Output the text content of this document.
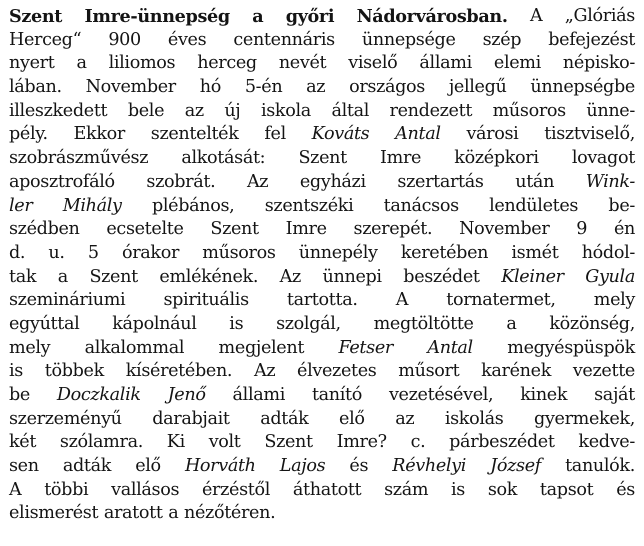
Szent Imre-ünnepség a győri Nádorvárosban. A „Glóriás
Herceg“ 900 éves centennáris ünnepsége szép befejezést
nyert a liliomos herceg nevét viselő állami elemi népisko-
lában. November hó 5-én az országos jellegű ünnepségbe
illeszkedett bele az új iskola által rendezett műsoros ünne-
pély. Ekkor szentelték fel Kováts Antal városi tisztviselő,
szobrászművész alkotását: Szent Imre középkori lovagot
aposztrofáló szobrát. Az egyházi szertartás után Wink-
ler Mihály plébános, szentszéki tanácsos lendületes be-
szédben ecsetelte Szent Imre szerepét. November 9 én
d. u. 5 órakor műsoros ünnepély keretében ismét hódol-
tak a Szent emlékének. Az ünnepi beszédet Kleiner Gyula
szemináriumi spirituális tartotta. A tornatermet, mely
egyúttal kápolnául is szolgál, megtöltötte a közönség,
mely alkalommal megjelent Fetser Antal megyéspüspök
is többek kíséretében. Az élvezetes műsort karének vezette
be Doczkalik Jenő állami tanító vezetésével, kinek saját
szerzeményű darabjait adták elő az iskolás gyermekek,
két szólamra. Ki volt Szent Imre? c. párbeszédet kedve-
sen adták elő Horváth Lajos és Révhelyi József tanulók.
A többi vallásos érzéstől áthatott szám is sok tapsot és
elismerést aratott a nézőtéren.
